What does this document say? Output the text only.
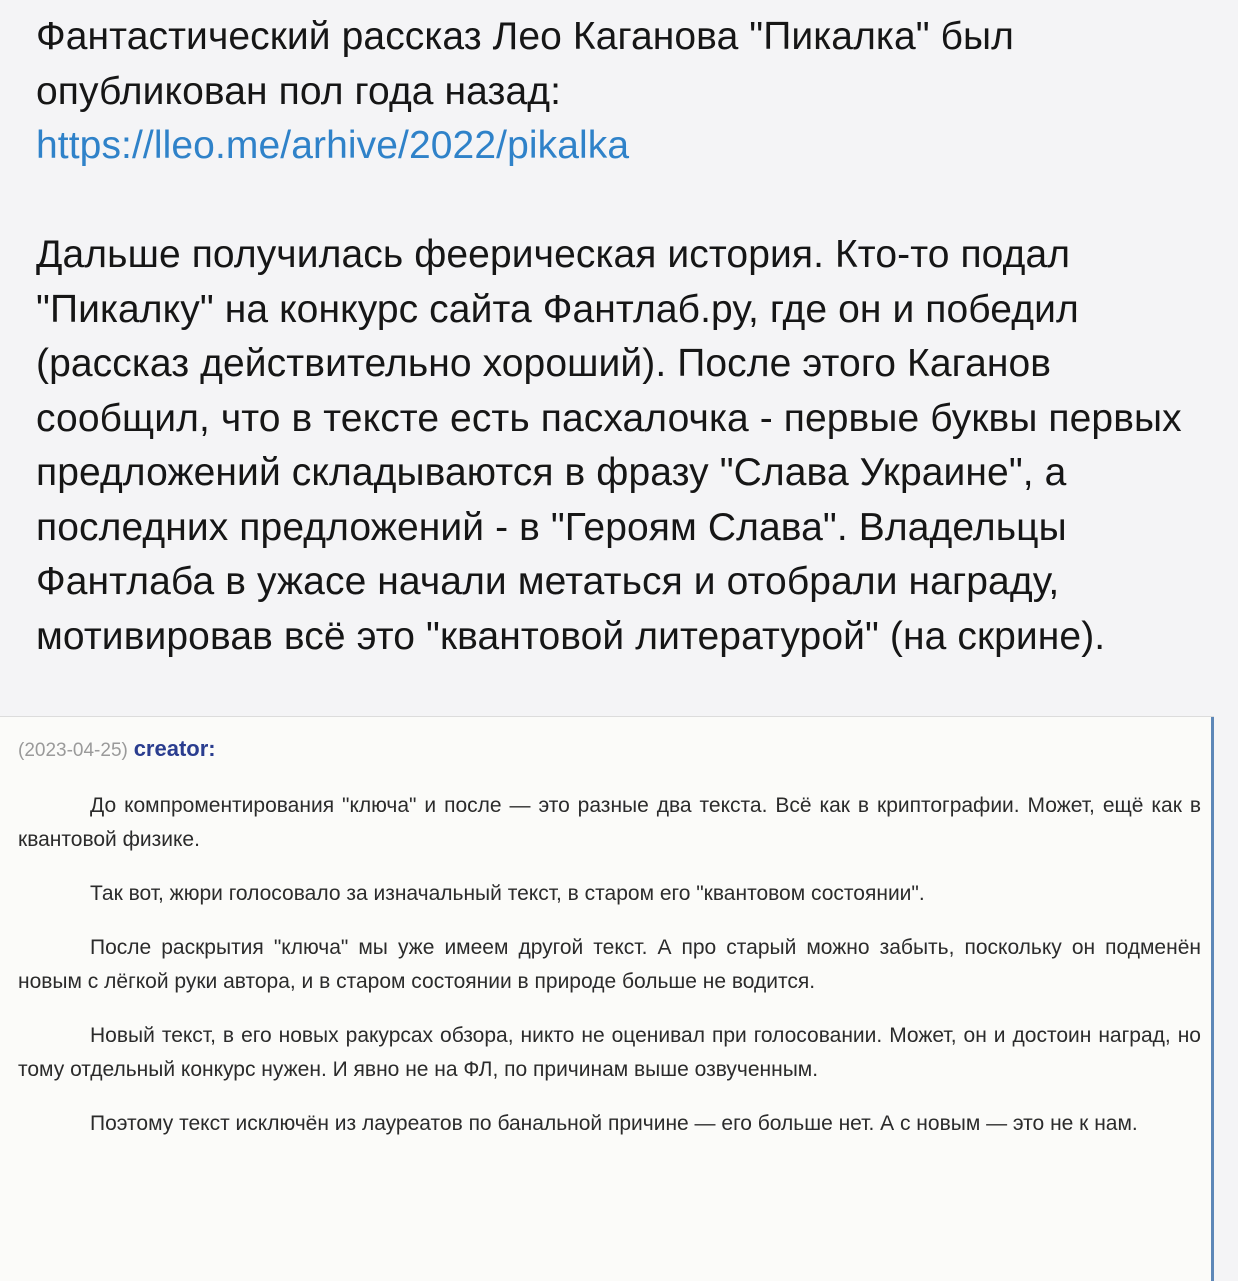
Фантастический рассказ Лео Каганова "Пикалка" был опубликован пол года назад:
https://lleo.me/arhive/2022/pikalka

Дальше получилась феерическая история. Кто-то подал "Пикалку" на конкурс сайта Фантлаб.ру, где он и победил (рассказ действительно хороший). После этого Каганов сообщил, что в тексте есть пасхалочка - первые буквы первых предложений складываются в фразу "Слава Украине", а последних предложений - в "Героям Слава". Владельцы Фантлаба в ужасе начали метаться и отобрали награду, мотивировав всё это "квантовой литературой" (на скрине).

(2023-04-25) creator:

До компроментирования "ключа" и после — это разные два текста. Всё как в криптографии. Может, ещё как в квантовой физике.

Так вот, жюри голосовало за изначальный текст, в старом его "квантовом состоянии".

После раскрытия "ключа" мы уже имеем другой текст. А про старый можно забыть, поскольку он подменён новым с лёгкой руки автора, и в старом состоянии в природе больше не водится.

Новый текст, в его новых ракурсах обзора, никто не оценивал при голосовании. Может, он и достоин наград, но тому отдельный конкурс нужен. И явно не на ФЛ, по причинам выше озвученным.

Поэтому текст исключён из лауреатов по банальной причине — его больше нет. А с новым — это не к нам.
